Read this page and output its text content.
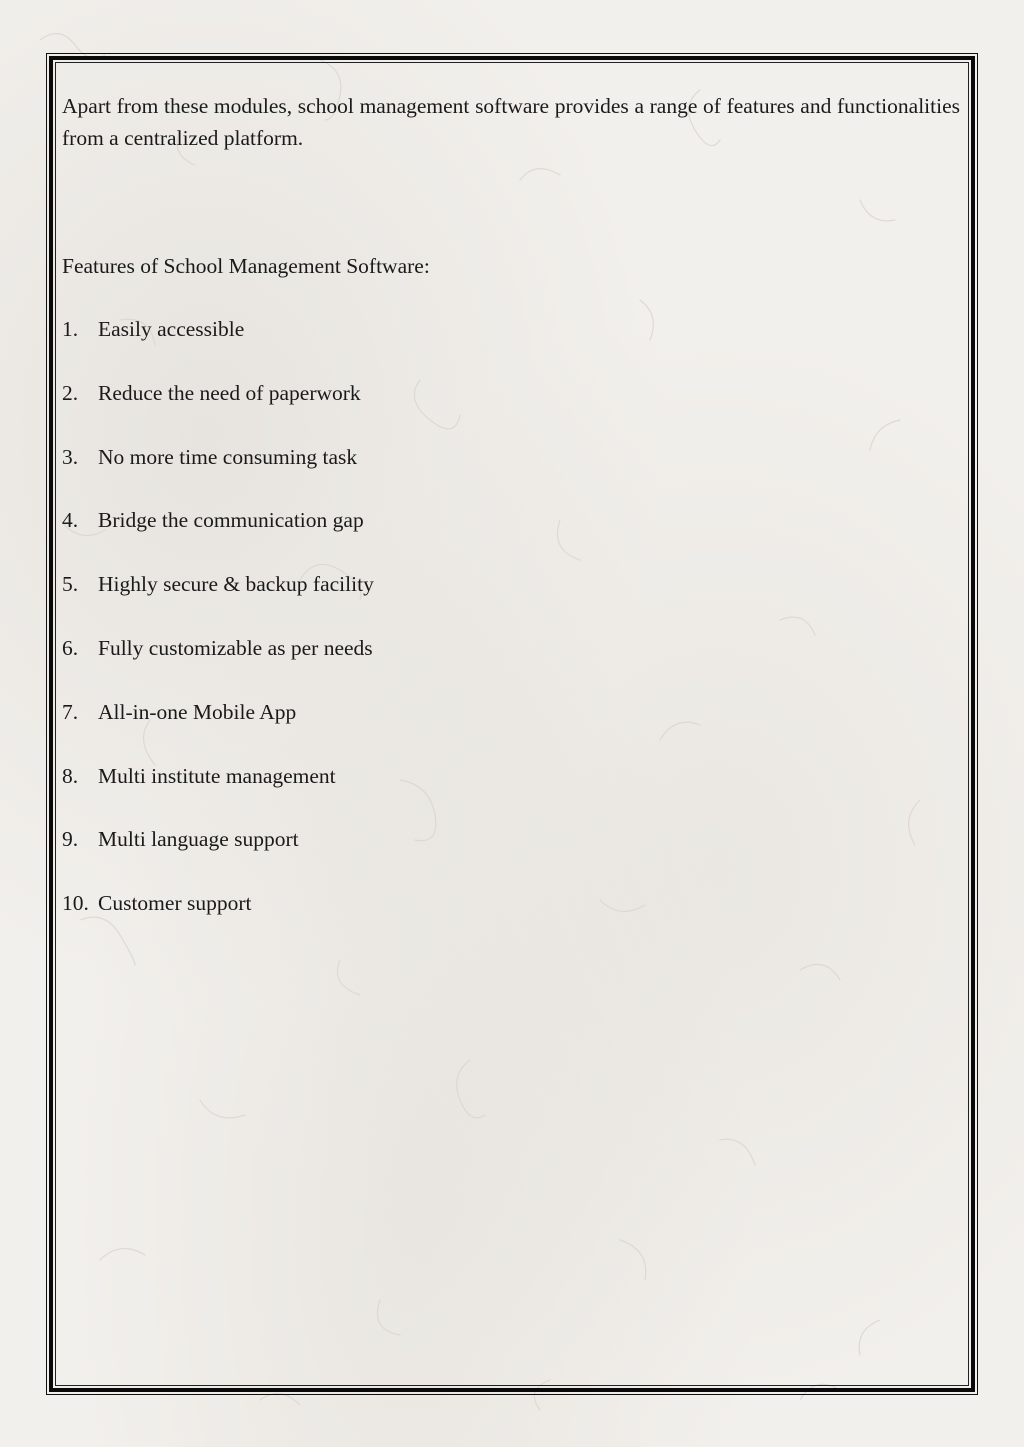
Apart from these modules, school management software provides a range of features and functionalities from a centralized platform.

Features of School Management Software:

1. Easily accessible
2. Reduce the need of paperwork
3. No more time consuming task
4. Bridge the communication gap
5. Highly secure & backup facility
6. Fully customizable as per needs
7. All-in-one Mobile App
8. Multi institute management
9. Multi language support
10. Customer support
